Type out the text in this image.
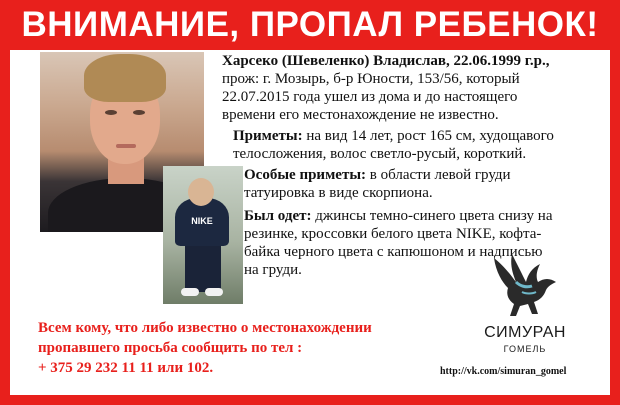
ВНИМАНИЕ, ПРОПАЛ РЕБЕНОК!
NIKE
Харсеко (Шевеленко) Владислав, 22.06.1999 г.р.,
прож: г. Мозырь, б-р Юности, 153/56, который
22.07.2015 года ушел из дома и до настоящего
времени его местонахождение не известно.
Приметы: на вид 14 лет, рост 165 см, худощавого
телосложения, волос светло-русый, короткий.
Особые приметы: в области левой груди
татуировка в виде скорпиона.
Был одет: джинсы темно-синего цвета снизу на
резинке, кроссовки белого цвета NIKE, кофта-
байка черного цвета с капюшоном и надписью
на груди.
Всем кому, что либо известно о местонахождении
пропавшего просьба сообщить по тел :
+ 375 29 232 11 11 или 102.
СИМУРАН
ГОМЕЛЬ
http://vk.com/simuran_gomel
